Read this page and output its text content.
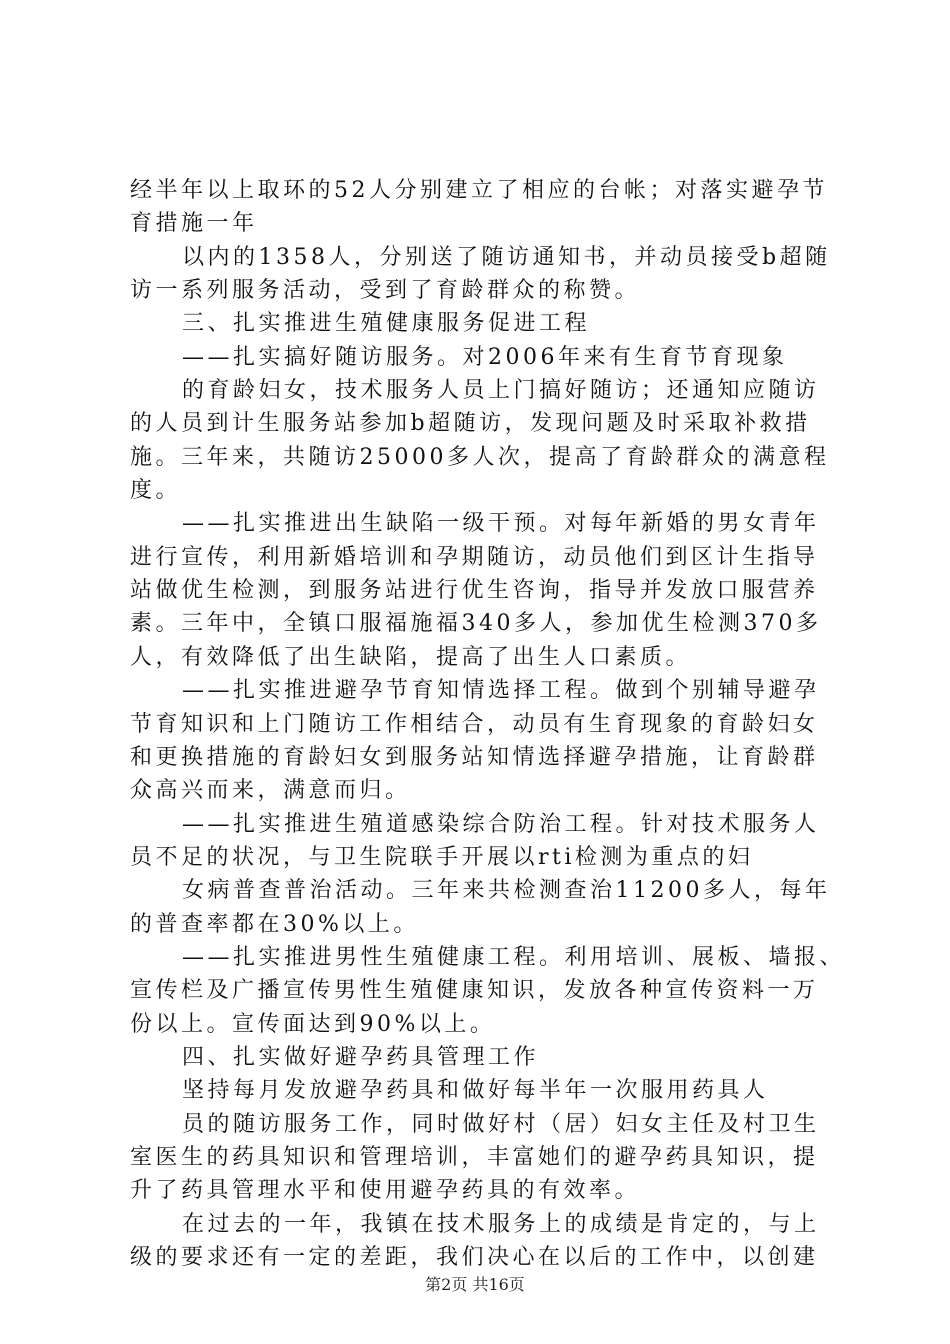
经半年以上取环的52人分别建立了相应的台帐；对落实避孕节
育措施一年
以内的1358人，分别送了随访通知书，并动员接受b超随
访一系列服务活动，受到了育龄群众的称赞。
三、扎实推进生殖健康服务促进工程
——扎实搞好随访服务。对2006年来有生育节育现象
的育龄妇女，技术服务人员上门搞好随访；还通知应随访
的人员到计生服务站参加b超随访，发现问题及时采取补救措
施。三年来，共随访25000多人次，提高了育龄群众的满意程
度。
——扎实推进出生缺陷一级干预。对每年新婚的男女青年
进行宣传，利用新婚培训和孕期随访，动员他们到区计生指导
站做优生检测，到服务站进行优生咨询，指导并发放口服营养
素。三年中，全镇口服福施福340多人，参加优生检测370多
人，有效降低了出生缺陷，提高了出生人口素质。
——扎实推进避孕节育知情选择工程。做到个别辅导避孕
节育知识和上门随访工作相结合，动员有生育现象的育龄妇女
和更换措施的育龄妇女到服务站知情选择避孕措施，让育龄群
众高兴而来，满意而归。
——扎实推进生殖道感染综合防治工程。针对技术服务人
员不足的状况，与卫生院联手开展以rti检测为重点的妇
女病普查普治活动。三年来共检测查治11200多人，每年
的普查率都在30%以上。
——扎实推进男性生殖健康工程。利用培训、展板、墙报、
宣传栏及广播宣传男性生殖健康知识，发放各种宣传资料一万
份以上。宣传面达到90%以上。
四、扎实做好避孕药具管理工作
坚持每月发放避孕药具和做好每半年一次服用药具人
员的随访服务工作，同时做好村（居）妇女主任及村卫生
室医生的药具知识和管理培训，丰富她们的避孕药具知识，提
升了药具管理水平和使用避孕药具的有效率。
在过去的一年，我镇在技术服务上的成绩是肯定的，与上
级的要求还有一定的差距，我们决心在以后的工作中，以创建
第2页 共16页
